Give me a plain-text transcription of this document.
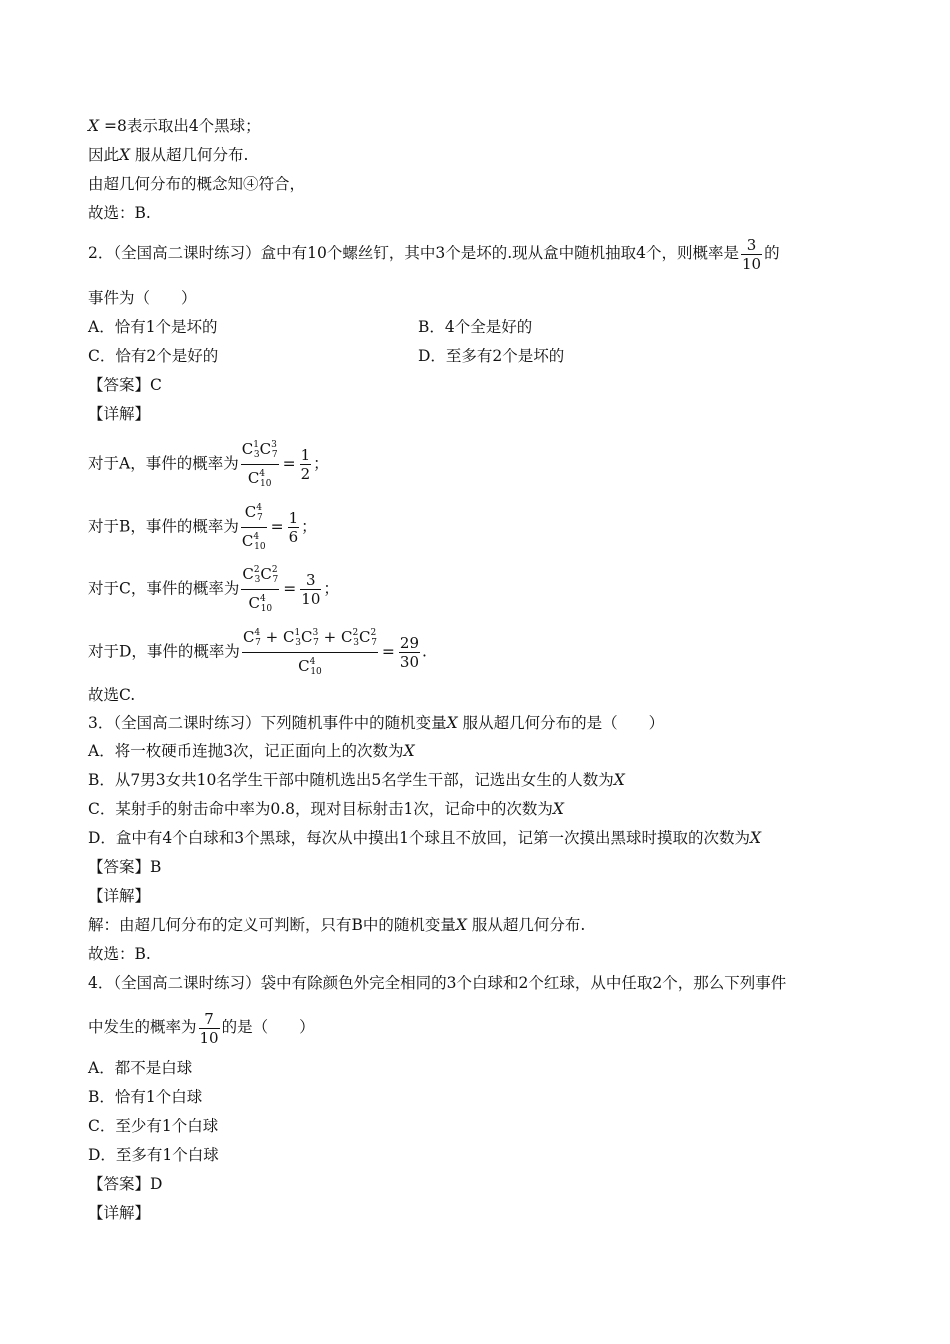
X =8表示取出4个黑球；
因此X 服从超几何分布.
由超几何分布的概念知④符合，
故选：B.
2．（全国高二课时练习）盒中有10个螺丝钉，其中3个是坏的.现从盒中随机抽取4个，则概率是 $\frac{3}{10}$ 的
事件为（　　）
A．恰有1个是坏的	B．4个全是好的
C．恰有2个是好的	D．至多有2个是坏的
【答案】C
【详解】
对于A，事件的概率为 $\frac{C^1_3C^3_7}{C^4_{10}} = \frac{1}{2}$ ；
对于B，事件的概率为 $\frac{C^4_7}{C^4_{10}} = \frac{1}{6}$ ；
对于C，事件的概率为 $\frac{C^2_3C^2_7}{C^4_{10}} = \frac{3}{10}$ ；
对于D，事件的概率为 $\frac{C^4_7 + C^1_3C^3_7 + C^2_3C^2_7}{C^4_{10}} = \frac{29}{30}$ .
故选C.
3．（全国高二课时练习）下列随机事件中的随机变量X 服从超几何分布的是（　　）
A．将一枚硬币连抛3次，记正面向上的次数为X
B．从7男3女共10名学生干部中随机选出5名学生干部，记选出女生的人数为X
C．某射手的射击命中率为0.8，现对目标射击1次，记命中的次数为X
D．盒中有4个白球和3个黑球，每次从中摸出1个球且不放回，记第一次摸出黑球时摸取的次数为X
【答案】B
【详解】
解：由超几何分布的定义可判断，只有B中的随机变量X 服从超几何分布.
故选：B.
4．（全国高二课时练习）袋中有除颜色外完全相同的3个白球和2个红球，从中任取2个，那么下列事件
中发生的概率为 $\frac{7}{10}$ 的是（　　）
A．都不是白球
B．恰有1个白球
C．至少有1个白球
D．至多有1个白球
【答案】D
【详解】
